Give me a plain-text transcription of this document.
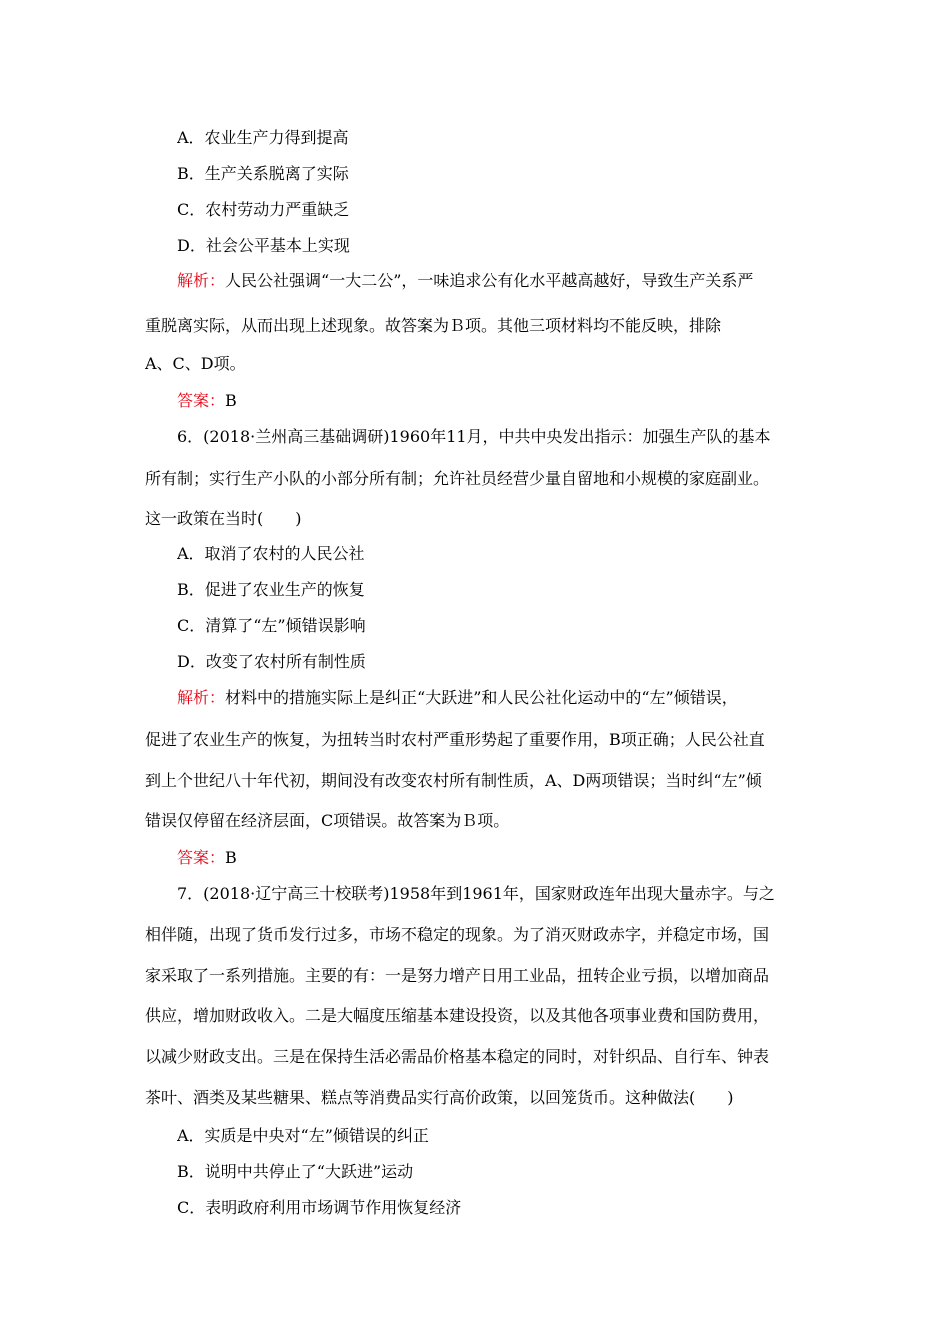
A．农业生产力得到提高
B．生产关系脱离了实际
C．农村劳动力严重缺乏
D．社会公平基本上实现
解析：人民公社强调“一大二公”，一味追求公有化水平越高越好，导致生产关系严
重脱离实际，从而出现上述现象。故答案为Ｂ项。其他三项材料均不能反映，排除
A、C、D项。
答案：B
6．(2018·兰州高三基础调研)1960年11月，中共中央发出指示：加强生产队的基本
所有制；实行生产小队的小部分所有制；允许社员经营少量自留地和小规模的家庭副业。
这一政策在当时(　　)
A．取消了农村的人民公社
B．促进了农业生产的恢复
C．清算了“左”倾错误影响
D．改变了农村所有制性质
解析：材料中的措施实际上是纠正“大跃进”和人民公社化运动中的“左”倾错误，
促进了农业生产的恢复，为扭转当时农村严重形势起了重要作用，B项正确；人民公社直
到上个世纪八十年代初，期间没有改变农村所有制性质，A、D两项错误；当时纠“左”倾
错误仅停留在经济层面，C项错误。故答案为Ｂ项。
答案：B
7．(2018·辽宁高三十校联考)1958年到1961年，国家财政连年出现大量赤字。与之
相伴随，出现了货币发行过多，市场不稳定的现象。为了消灭财政赤字，并稳定市场，国
家采取了一系列措施。主要的有：一是努力增产日用工业品，扭转企业亏损，以增加商品
供应，增加财政收入。二是大幅度压缩基本建设投资，以及其他各项事业费和国防费用，
以减少财政支出。三是在保持生活必需品价格基本稳定的同时，对针织品、自行车、钟表
茶叶、酒类及某些糖果、糕点等消费品实行高价政策，以回笼货币。这种做法(　　)
A．实质是中央对“左”倾错误的纠正
B．说明中共停止了“大跃进”运动
C．表明政府利用市场调节作用恢复经济
